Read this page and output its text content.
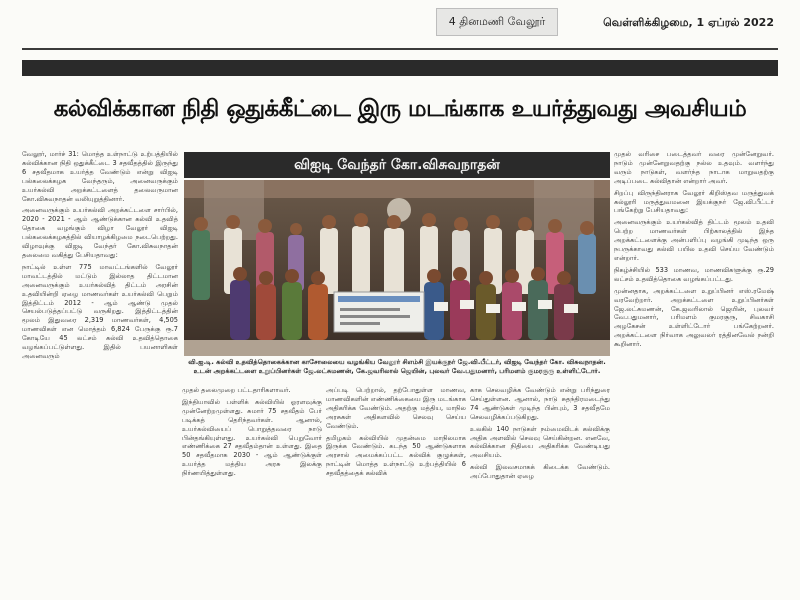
4 தினமணி வேலூர்	வெள்ளிக்கிழமை, 1 ஏப்ரல் 2022
கல்விக்கான நிதி ஒதுக்கீட்டை இரு மடங்காக உயர்த்துவது அவசியம்

வேலூர், மார்ச் 31: மொத்த உள்நாட்டு உற்பத்தியில் கல்விக்கான நிதி ஒதுக்கீட்டை 3 சதவீதத்தில் இருந்து 6 சதவீதமாக உயர்த்த வேண்டும் என்று விஐடி பல்கலைக்கழக வேந்தரும், அனைவருக்கும் உயர்கல்வி அறக்கட்டளைத் தலைவருமான கோ.விசுவநாதன் வலியுறுத்தினார்.

அனைவருக்கும் உயர்கல்வி அறக்கட்டளை சார்பில், 2020 - 2021 - ஆம் ஆண்டுக்கான கல்வி உதவித் தொகை வழங்கும் விழா வேலூர் விஐடி பல்கலைக்கழகத்தில் வியாழக்கிழமை நடைபெற்றது. விழாவுக்கு விஐடி வேந்தர் கோ.விசுவநாதன் தலைமை வகித்து பேசியதாவது:

நாட்டில் உள்ள 775 மாவட்டங்களில் வேலூர் மாவட்டத்தில் மட்டும் இல்லாத திட்டமான அனைவருக்கும் உயர்கல்வித் திட்டம் அரசின் உதவியின்றி ஏழை மாணவர்கள் உயர்கல்வி பெறும் இத்திட்டம் 2012 - ஆம் ஆண்டு முதல் செயல்படுத்தப்பட்டு வருகிறது. இத்திட்டத்தின் மூலம் இதுவரை 2,319 மாணவர்கள், 4,505 மாணவிகள் என மொத்தம் 6,824 பேருக்கு ரூ.7 கோடியே 45 லட்சம் கல்வி உதவித்தொகை வழங்கப்பட்டுள்ளது. இதில் பயனாளிகள் அனைவரும்

விஐடி வேந்தர் கோ.விசுவநாதன்
வி.ஐ.டி. கல்வி உதவித்தொகைக்கான காசோலையை வழங்கிய வேலூர் சிஎம்சி இயக்குநர் ஜே.வி.பீட்டர், விஐடி வேந்தர் கோ. விசுவநாதன். உடன் அறக்கட்டளை உறுப்பினர்கள் ஜே.லட்சுமணன், கே.ஜவரிலால் ஜெயின், புலவர் வே.பதுமனார், பரிமளம் குமரகுரு உள்ளிட்டோர்.

முதல் தலைமுறை பட்டதாரிகளாவர்.

இந்தியாவில் பள்ளிக் கல்வியில் ஓரளவுக்கு முன்னேற்றமுள்ளது. சுமார் 75 சதவீதம் பேர் படிக்கத் தெரிந்தவர்கள். ஆனால், உயர்கல்வியைப் பொறுத்தவரை நாடு பின்தங்கியுள்ளது. உயர்கல்வி பெறுவோர் எண்ணிக்கை 27 சதவீதம்தான் உள்ளது. இதை 50 சதவீதமாக 2030 - ஆம் ஆண்டுக்குள் உயர்த்த மத்திய அரசு இலக்கு நிர்ணயித்துள்ளது.

அப்படி பெற்றால், தற்போதுள்ள மாணவ, மாணவிகளின் எண்ணிக்கையை இரு மடங்காக அதிகரிக்க வேண்டும். அதற்கு மத்திய, மாநில அரசுகள் அதிகளவில் செலவு செய்ய வேண்டும்.

தமிழகம் கல்வியில் முதன்மை மாநிலமாக இருக்க வேண்டும். கடந்த 50 ஆண்டுகளாக அரசால் அமைக்கப்பட்ட கல்விக் குழுக்கள், நாட்டின் மொத்த உள்நாட்டு உற்பத்தியில் 6 சதவீதத்தைக் கல்விக்

காக செலவழிக்க வேண்டும் என்று பரிந்துரை செய்துள்ளன. ஆனால், நாடு சுதந்திரமடைந்து 74 ஆண்டுகள் முடிந்த பின்பும், 3 சதவீதமே செலவழிக்கப்படுகிறது.

உலகில் 140 நாடுகள் நம்மைவிடக் கல்விக்கு அதிக அளவில் செலவு செய்கின்றன. எனவே, கல்விக்கான நிதியை அதிகரிக்க வேண்டியது அவசியம்.

கல்வி இலவசமாகக் கிடைக்க வேண்டும். அப்போதுதான் ஏழை

முதல் வரிசை படைத்தவர் வரை முன்னேறுவர். நாடும் முன்னேறுவதற்கு நல்ல உதவும். வளர்ந்து வரும் நாடுகள், வளர்ந்த நாடாக மாறுவதற்கு அடிப்படை கல்விதான் என்றார் அவர்.

சிறப்பு விருந்தினராக வேலூர் கிறிஸ்தவ மருத்துவக் கல்லூரி மருத்துவமனை இயக்குநர் ஜே.வி.பீட்டர் பங்கேற்று பேசியதாவது:

அனைவருக்கும் உயர்கல்வித் திட்டம் மூலம் உதவி பெற்ற மாணவர்கள் பிற்காலத்தில் இந்த அறக்கட்டளைக்கு அன்பளிப்பு வழங்கி முடிந்த ஒரு நபருக்காவது கல்வி பயில உதவி செய்ய வேண்டும் என்றார்.

நிகழ்ச்சியில் 533 மாணவ, மாணவிகளுக்கு ரூ.29 லட்சம் உதவித்தொகை வழங்கப்பட்டது.

முன்னதாக, அறக்கட்டளை உறுப்பினர் எஸ்.ரமேஷ் வரவேற்றார். அறக்கட்டளை உறுப்பினர்கள் ஜே.லட்சுமணன், கே.ஜவரிலால் ஜெயின், புலவர் வே.பதுமனார், பரிமளம் குமரகுரு, சிவகாசி அழகேசன் உள்ளிட்டோர் பங்கேற்றனர். அறக்கட்டளை நிர்வாக அலுவலர் ரத்தினவேல் நன்றி கூறினார்.
